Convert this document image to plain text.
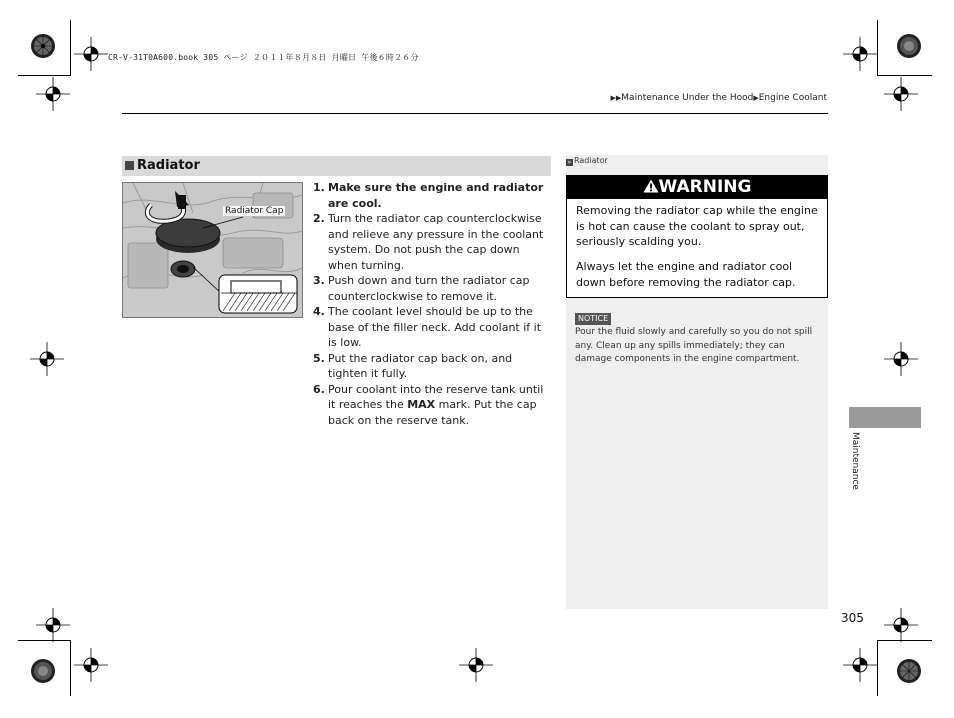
CR-V-31T0A600.book 305 ページ ２０１１年８月８日 月曜日 午後６時２６分
▶▶Maintenance Under the Hood▶Engine Coolant
Radiator
Radiator Cap
1. Make sure the engine and radiator are cool.
2. Turn the radiator cap counterclockwise and relieve any pressure in the coolant system. Do not push the cap down when turning.
3. Push down and turn the radiator cap counterclockwise to remove it.
4. The coolant level should be up to the base of the filler neck. Add coolant if it is low.
5. Put the radiator cap back on, and tighten it fully.
6. Pour coolant into the reserve tank until it reaches the MAX mark. Put the cap back on the reserve tank.
» Radiator
WARNING
Removing the radiator cap while the engine is hot can cause the coolant to spray out, seriously scalding you.
Always let the engine and radiator cool down before removing the radiator cap.
NOTICE
Pour the fluid slowly and carefully so you do not spill any. Clean up any spills immediately; they can damage components in the engine compartment.
Maintenance
305
